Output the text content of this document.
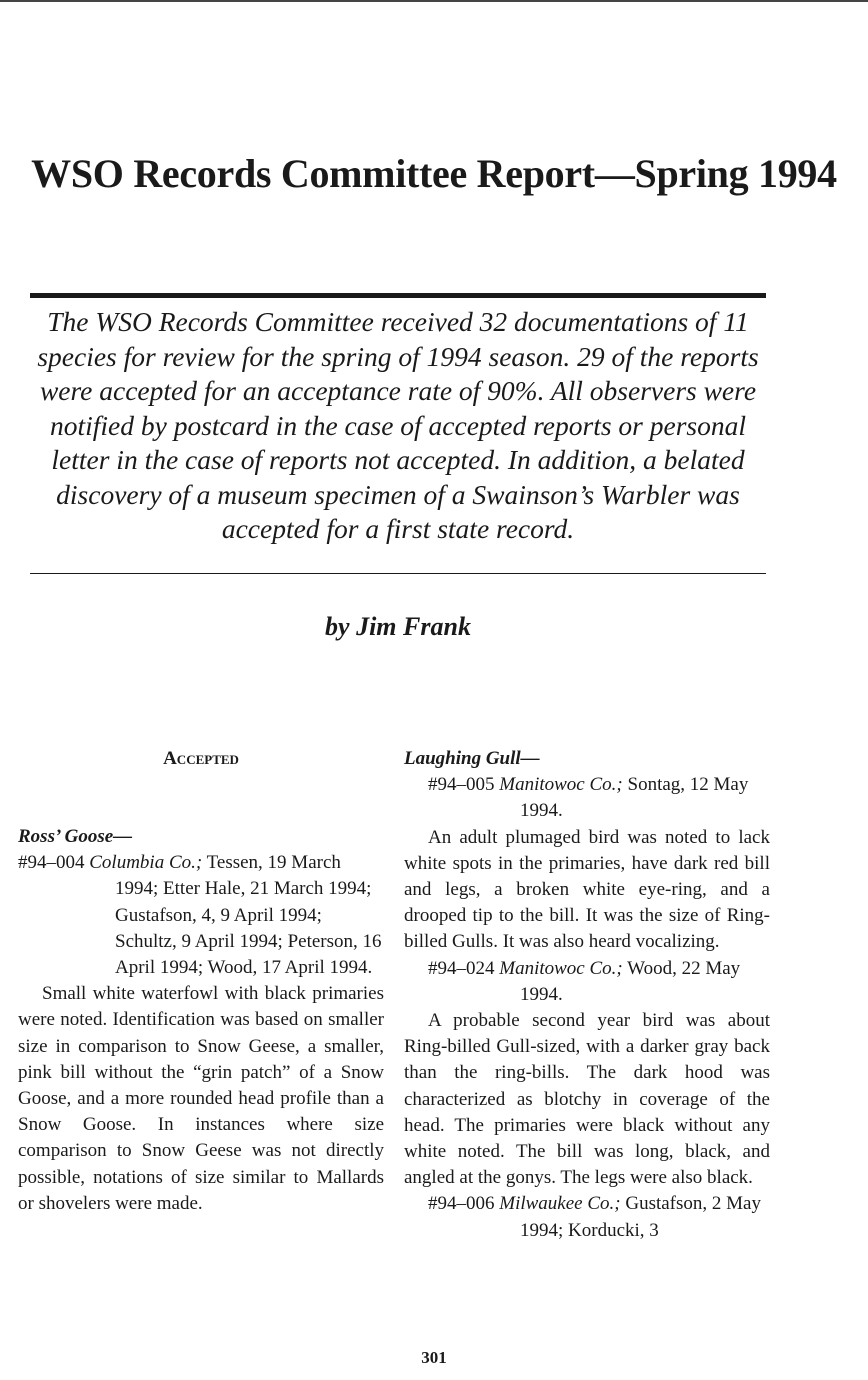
WSO Records Committee Report—Spring 1994

The WSO Records Committee received 32 documentations of 11 species for review for the spring of 1994 season. 29 of the reports were accepted for an acceptance rate of 90%. All observers were notified by postcard in the case of accepted reports or personal letter in the case of reports not accepted. In addition, a belated discovery of a museum specimen of a Swainson’s Warbler was accepted for a first state record.

by Jim Frank

Accepted

Ross’ Goose—

#94–004 Columbia Co.; Tessen, 19 March 1994; Etter Hale, 21 March 1994; Gustafson, 4, 9 April 1994; Schultz, 9 April 1994; Peterson, 16 April 1994; Wood, 17 April 1994.

Small white waterfowl with black primaries were noted. Identification was based on smaller size in comparison to Snow Geese, a smaller, pink bill without the “grin patch” of a Snow Goose, and a more rounded head profile than a Snow Goose. In instances where size comparison to Snow Geese was not directly possible, notations of size similar to Mallards or shovelers were made.

Laughing Gull—

#94–005 Manitowoc Co.; Sontag, 12 May 1994.

An adult plumaged bird was noted to lack white spots in the primaries, have dark red bill and legs, a broken white eye-ring, and a drooped tip to the bill. It was the size of Ring-billed Gulls. It was also heard vocalizing.

#94–024 Manitowoc Co.; Wood, 22 May 1994.

A probable second year bird was about Ring-billed Gull-sized, with a darker gray back than the ring-bills. The dark hood was characterized as blotchy in coverage of the head. The primaries were black without any white noted. The bill was long, black, and angled at the gonys. The legs were also black.

#94–006 Milwaukee Co.; Gustafson, 2 May 1994; Korducki, 3

301
